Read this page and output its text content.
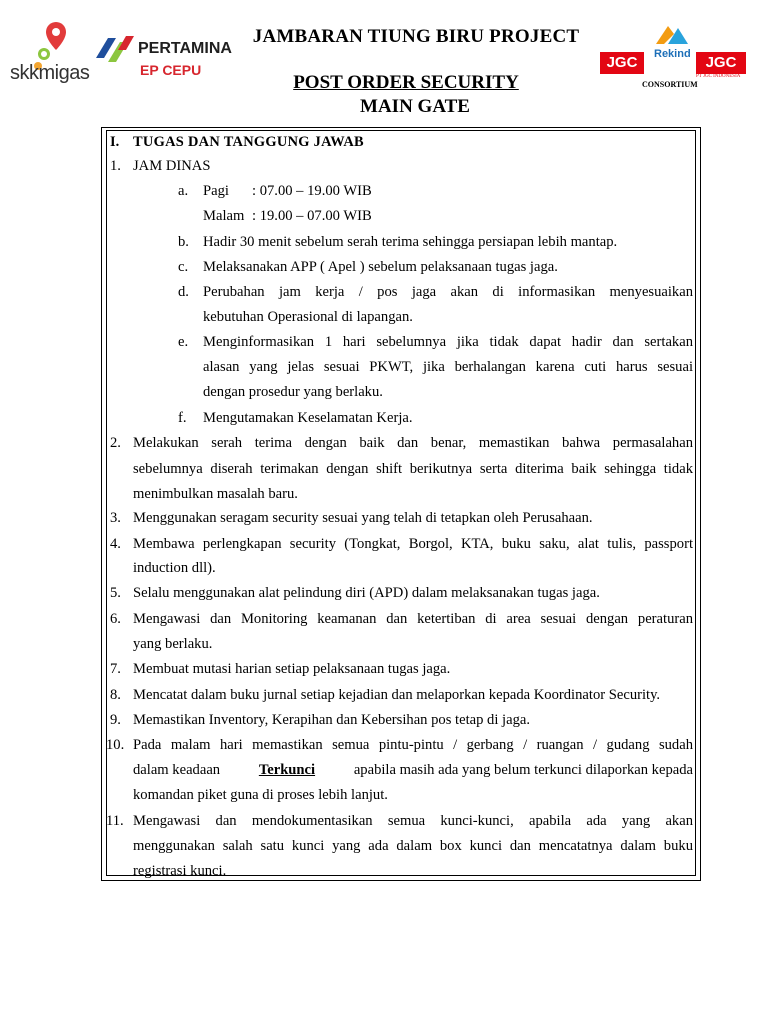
skkmigas
PERTAMINA
EP CEPU	JGC	Rekind JGC
PT JGC INDONESIA
CONSORTIUM
JAMBARAN TIUNG BIRU PROJECT
POST ORDER SECURITY
MAIN GATE
I. TUGAS DAN TANGGUNG JAWAB
1. JAM DINAS
a. Pagi : 07.00 – 19.00 WIB
Malam : 19.00 – 07.00 WIB
b. Hadir 30 menit sebelum serah terima sehingga persiapan lebih mantap.
c. Melaksanakan APP ( Apel ) sebelum pelaksanaan tugas jaga.
d. Perubahan jam kerja / pos jaga akan di informasikan menyesuaikan
kebutuhan Operasional di lapangan.
e. Menginformasikan 1 hari sebelumnya jika tidak dapat hadir dan sertakan
alasan yang jelas sesuai PKWT, jika berhalangan karena cuti harus sesuai
dengan prosedur yang berlaku.
f. Mengutamakan Keselamatan Kerja.
2. Melakukan serah terima dengan baik dan benar, memastikan bahwa permasalahan
sebelumnya diserah terimakan dengan shift berikutnya serta diterima baik sehingga tidak
menimbulkan masalah baru.
3. Menggunakan seragam security sesuai yang telah di tetapkan oleh Perusahaan.
4. Membawa perlengkapan security (Tongkat, Borgol, KTA, buku saku, alat tulis, passport
induction dll).
5. Selalu menggunakan alat pelindung diri (APD) dalam melaksanakan tugas jaga.
6. Mengawasi dan Monitoring keamanan dan ketertiban di area sesuai dengan peraturan
yang berlaku.
7. Membuat mutasi harian setiap pelaksanaan tugas jaga.
8. Mencatat dalam buku jurnal setiap kejadian dan melaporkan kepada Koordinator Security.
9. Memastikan Inventory, Kerapihan dan Kebersihan pos tetap di jaga.
10. Pada malam hari memastikan semua pintu-pintu / gerbang / ruangan / gudang sudah
dalam keadaan	Terkunci	apabila masih ada yang belum terkunci dilaporkan kepada
komandan piket guna di proses lebih lanjut.
11. Mengawasi dan mendokumentasikan semua kunci-kunci, apabila ada yang akan
menggunakan salah satu kunci yang ada dalam box kunci dan mencatatnya dalam buku
registrasi kunci.
